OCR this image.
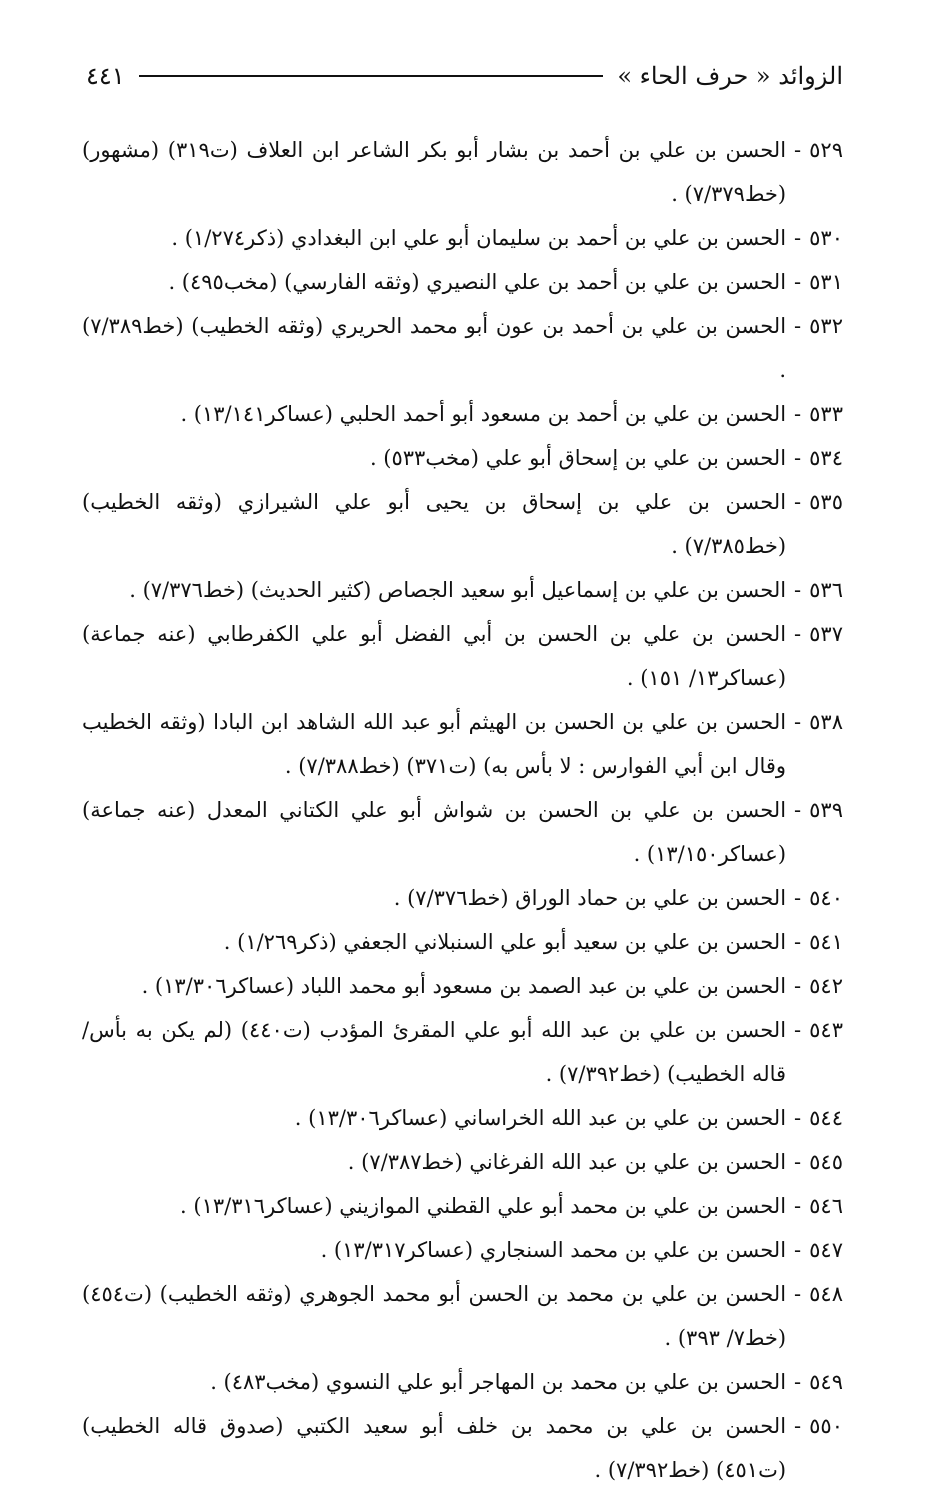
الزوائد « حرف الحاء »
٤٤١
٥٢٩
-
الحسن بن علي بن أحمد بن بشار أبو بكر الشاعر ابن العلاف (ت٣١٩) (مشهور) (خط٧/٣٧٩) .
٥٣٠
-
الحسن بن علي بن أحمد بن سليمان أبو علي ابن البغدادي (ذكر١/٢٧٤) .
٥٣١
-
الحسن بن علي بن أحمد بن علي النصيري (وثقه الفارسي) (مخب٤٩٥) .
٥٣٢
-
الحسن بن علي بن أحمد بن عون أبو محمد الحريري (وثقه الخطيب) (خط٧/٣٨٩) .
٥٣٣
-
الحسن بن علي بن أحمد بن مسعود أبو أحمد الحلبي (عساكر١٣/١٤١) .
٥٣٤
-
الحسن بن علي بن إسحاق أبو علي (مخب٥٣٣) .
٥٣٥
-
الحسن بن علي بن إسحاق بن يحيى أبو علي الشيرازي (وثقه الخطيب) (خط٧/٣٨٥) .
٥٣٦
-
الحسن بن علي بن إسماعيل أبو سعيد الجصاص (كثير الحديث) (خط٧/٣٧٦) .
٥٣٧
-
الحسن بن علي بن الحسن بن أبي الفضل أبو علي الكفرطابي (عنه جماعة) (عساكر١٣/ ١٥١) .
٥٣٨
-
الحسن بن علي بن الحسن بن الهيثم أبو عبد الله الشاهد ابن البادا (وثقه الخطيب وقال ابن أبي الفوارس : لا بأس به) (ت٣٧١) (خط٧/٣٨٨) .
٥٣٩
-
الحسن بن علي بن الحسن بن شواش أبو علي الكتاني المعدل (عنه جماعة) (عساكر١٣/١٥٠) .
٥٤٠
-
الحسن بن علي بن حماد الوراق (خط٧/٣٧٦) .
٥٤١
-
الحسن بن علي بن سعيد أبو علي السنبلاني الجعفي (ذكر١/٢٦٩) .
٥٤٢
-
الحسن بن علي بن عبد الصمد بن مسعود أبو محمد اللباد (عساكر١٣/٣٠٦) .
٥٤٣
-
الحسن بن علي بن عبد الله أبو علي المقرئ المؤدب (ت٤٤٠) (لم يكن به بأس/ قاله الخطيب) (خط٧/٣٩٢) .
٥٤٤
-
الحسن بن علي بن عبد الله الخراساني (عساكر١٣/٣٠٦) .
٥٤٥
-
الحسن بن علي بن عبد الله الفرغاني (خط٧/٣٨٧) .
٥٤٦
-
الحسن بن علي بن محمد أبو علي القطني الموازيني (عساكر١٣/٣١٦) .
٥٤٧
-
الحسن بن علي بن محمد السنجاري (عساكر١٣/٣١٧) .
٥٤٨
-
الحسن بن علي بن محمد بن الحسن أبو محمد الجوهري (وثقه الخطيب) (ت٤٥٤) (خط٧/ ٣٩٣) .
٥٤٩
-
الحسن بن علي بن محمد بن المهاجر أبو علي النسوي (مخب٤٨٣) .
٥٥٠
-
الحسن بن علي بن محمد بن خلف أبو سعيد الكتبي (صدوق قاله الخطيب) (ت٤٥١) (خط٧/٣٩٢) .
